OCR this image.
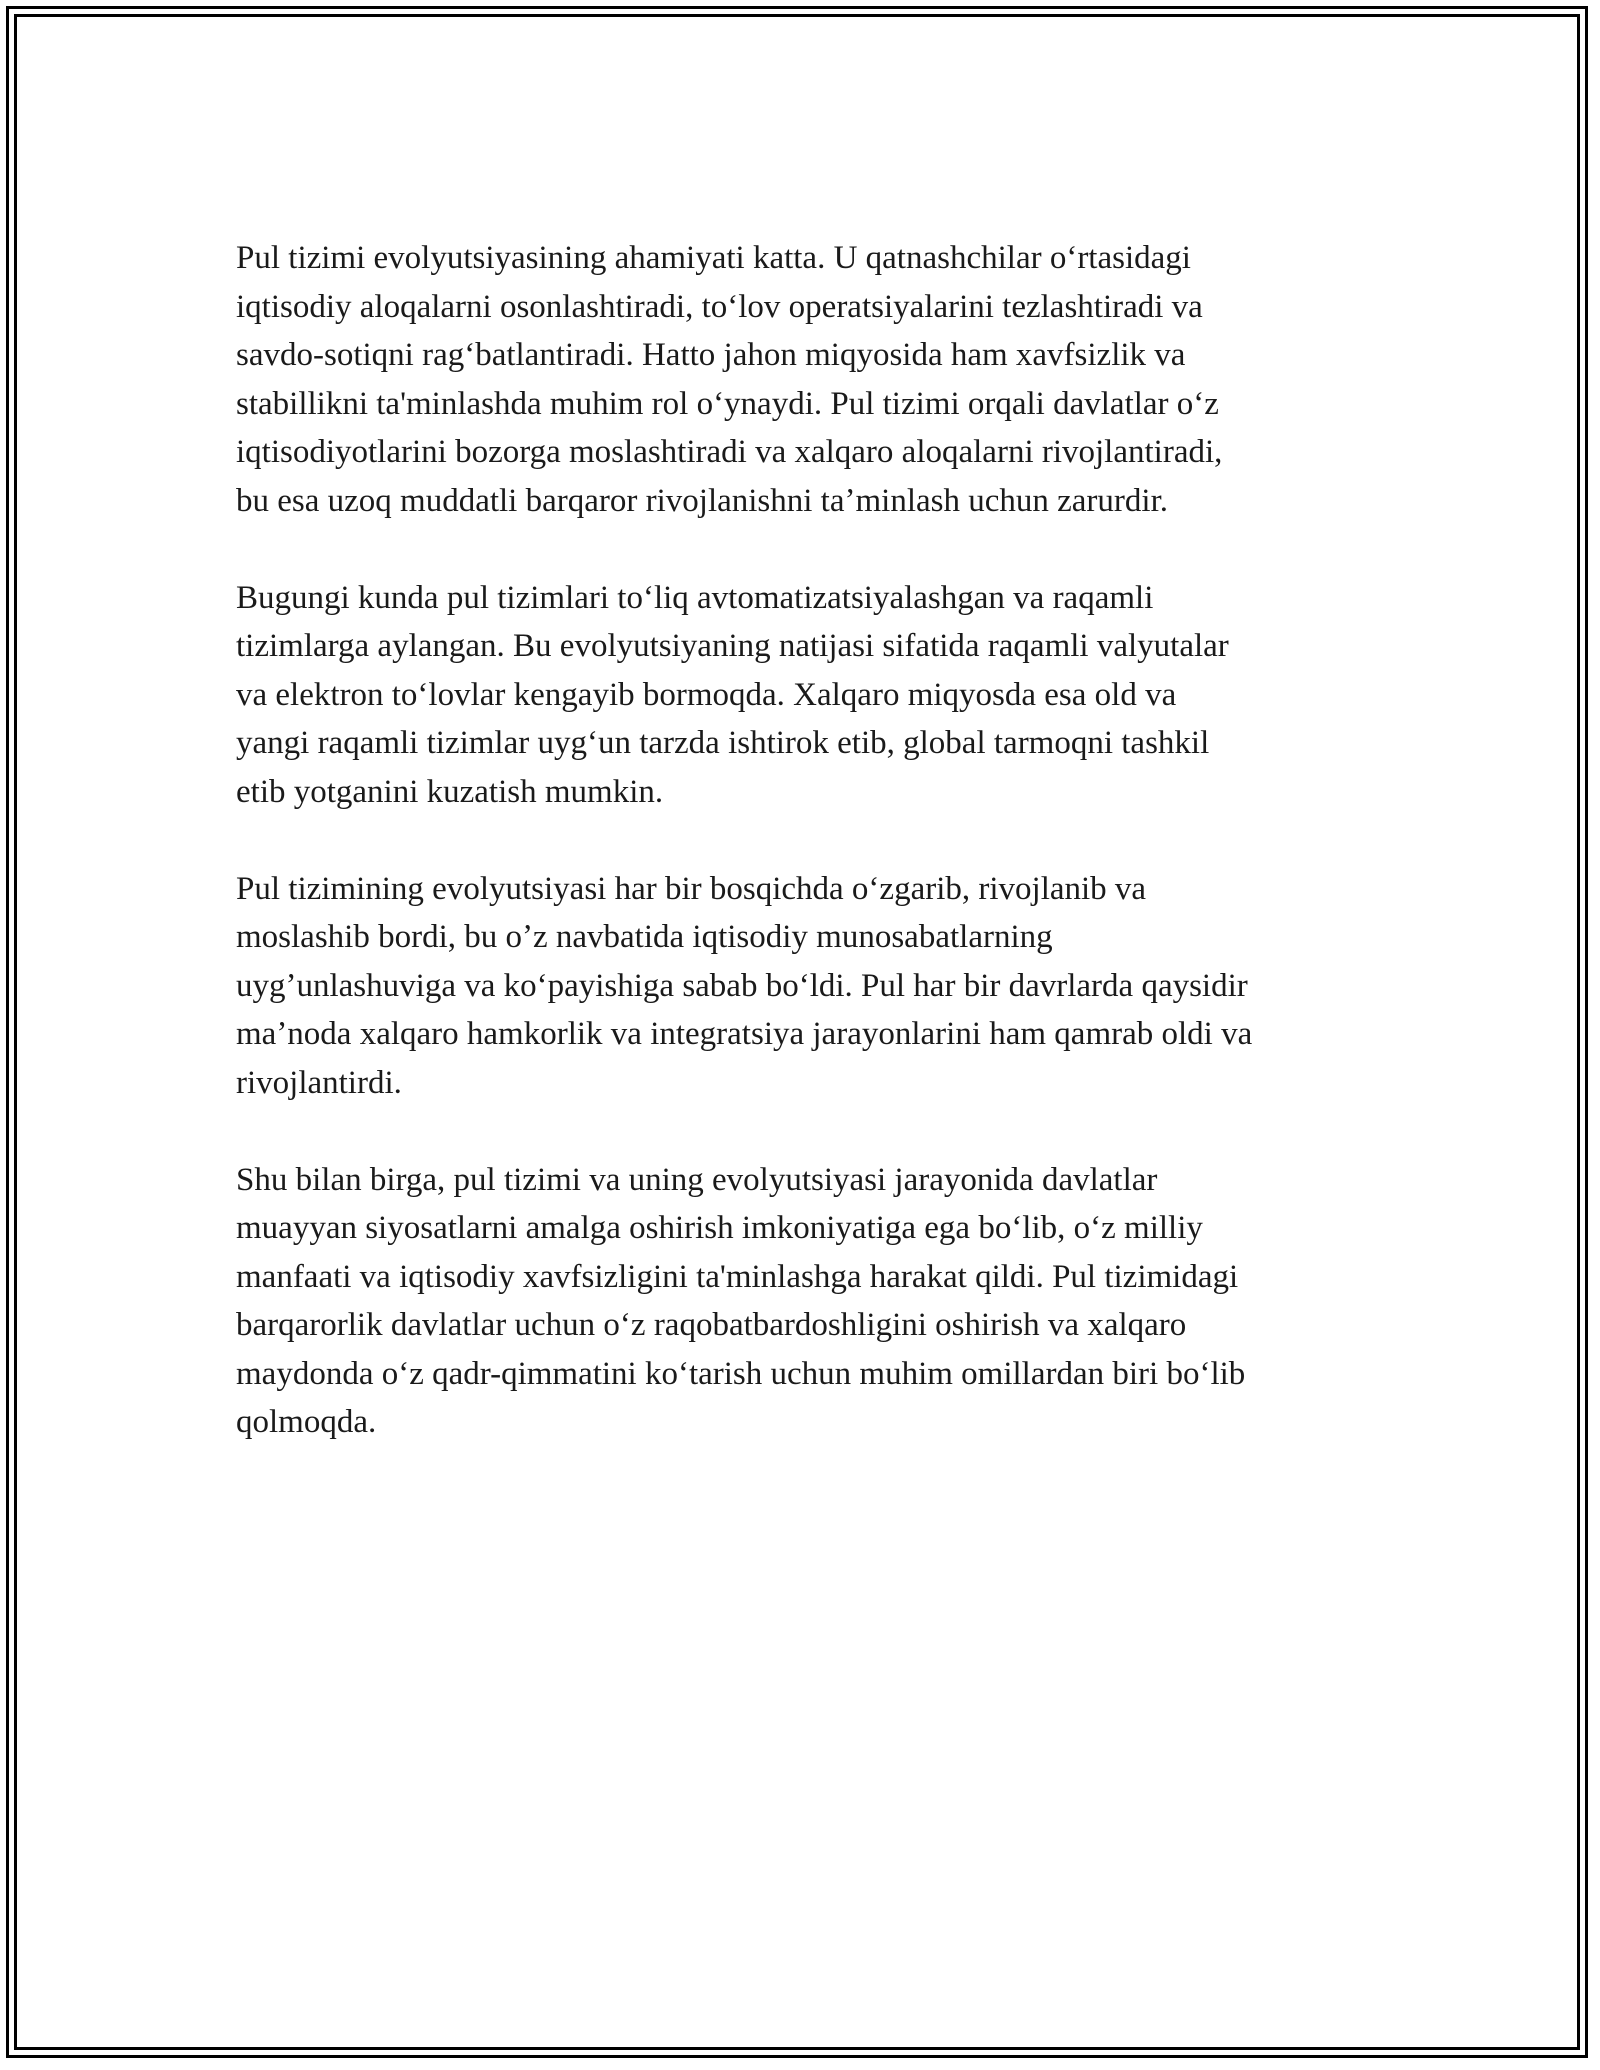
Pul tizimi evolyutsiyasining ahamiyati katta. U qatnashchilar oʻrtasidagi
iqtisodiy aloqalarni osonlashtiradi, toʻlov operatsiyalarini tezlashtiradi va
savdo-sotiqni ragʻbatlantiradi. Hatto jahon miqyosida ham xavfsizlik va
stabillikni ta'minlashda muhim rol oʻynaydi. Pul tizimi orqali davlatlar oʻz
iqtisodiyotlarini bozorga moslashtiradi va xalqaro aloqalarni rivojlantiradi,
bu esa uzoq muddatli barqaror rivojlanishni taʼminlash uchun zarurdir.

Bugungi kunda pul tizimlari toʻliq avtomatizatsiyalashgan va raqamli
tizimlarga aylangan. Bu evolyutsiyaning natijasi sifatida raqamli valyutalar
va elektron toʻlovlar kengayib bormoqda. Xalqaro miqyosda esa old va
yangi raqamli tizimlar uygʻun tarzda ishtirok etib, global tarmoqni tashkil
etib yotganini kuzatish mumkin.

Pul tizimining evolyutsiyasi har bir bosqichda oʻzgarib, rivojlanib va
moslashib bordi, bu oʼz navbatida iqtisodiy munosabatlarning
uygʼunlashuviga va koʻpayishiga sabab boʻldi. Pul har bir davrlarda qaysidir
maʼnoda xalqaro hamkorlik va integratsiya jarayonlarini ham qamrab oldi va
rivojlantirdi.

Shu bilan birga, pul tizimi va uning evolyutsiyasi jarayonida davlatlar
muayyan siyosatlarni amalga oshirish imkoniyatiga ega boʻlib, oʻz milliy
manfaati va iqtisodiy xavfsizligini ta'minlashga harakat qildi. Pul tizimidagi
barqarorlik davlatlar uchun oʻz raqobatbardoshligini oshirish va xalqaro
maydonda oʻz qadr-qimmatini koʻtarish uchun muhim omillardan biri boʻlib
qolmoqda.
